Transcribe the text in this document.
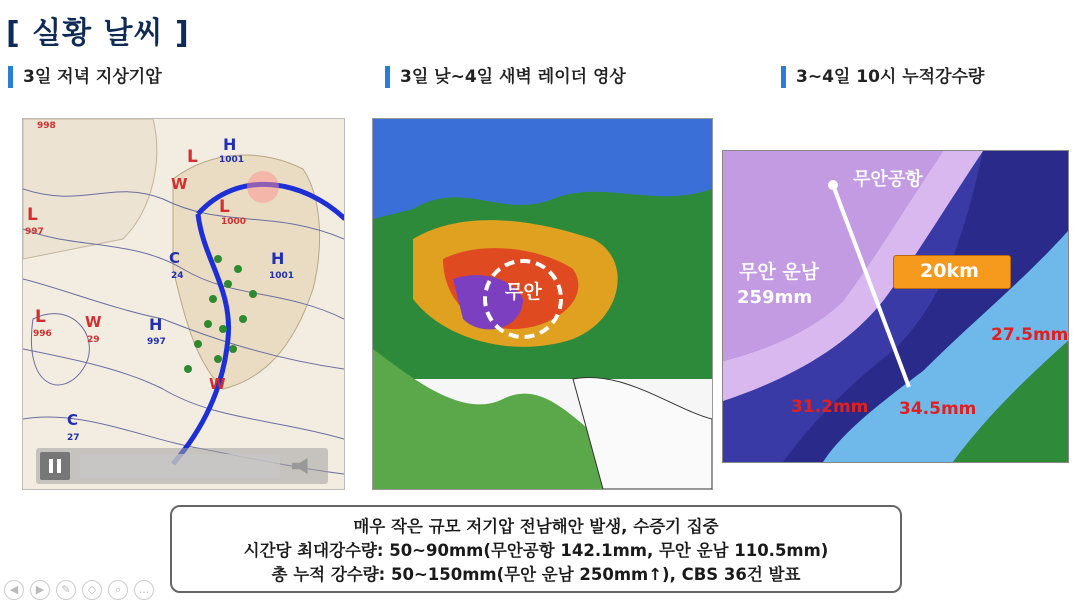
[ 실황 날씨 ]
3일 저녁 지상기압	3일 낮~4일 새벽 레이더 영상	3~4일 10시 누적강수량
H
1001
H
1001
H
997
998
L
997
L
996
L
L
1000
C
24
C
27
W
29
W
W
무안
무안공항
무안 운남
259mm
20km
27.5mm
31.2mm 34.5mm
매우 작은 규모 저기압 전남해안 발생, 수증기 집중
시간당 최대강수량: 50~90mm(무안공항 142.1mm, 무안 운남 110.5mm)
총 누적 강수량: 50~150mm(무안 운남 250mm↑), CBS 36건 발표
◀	▶	✎	◇	⌕	…
